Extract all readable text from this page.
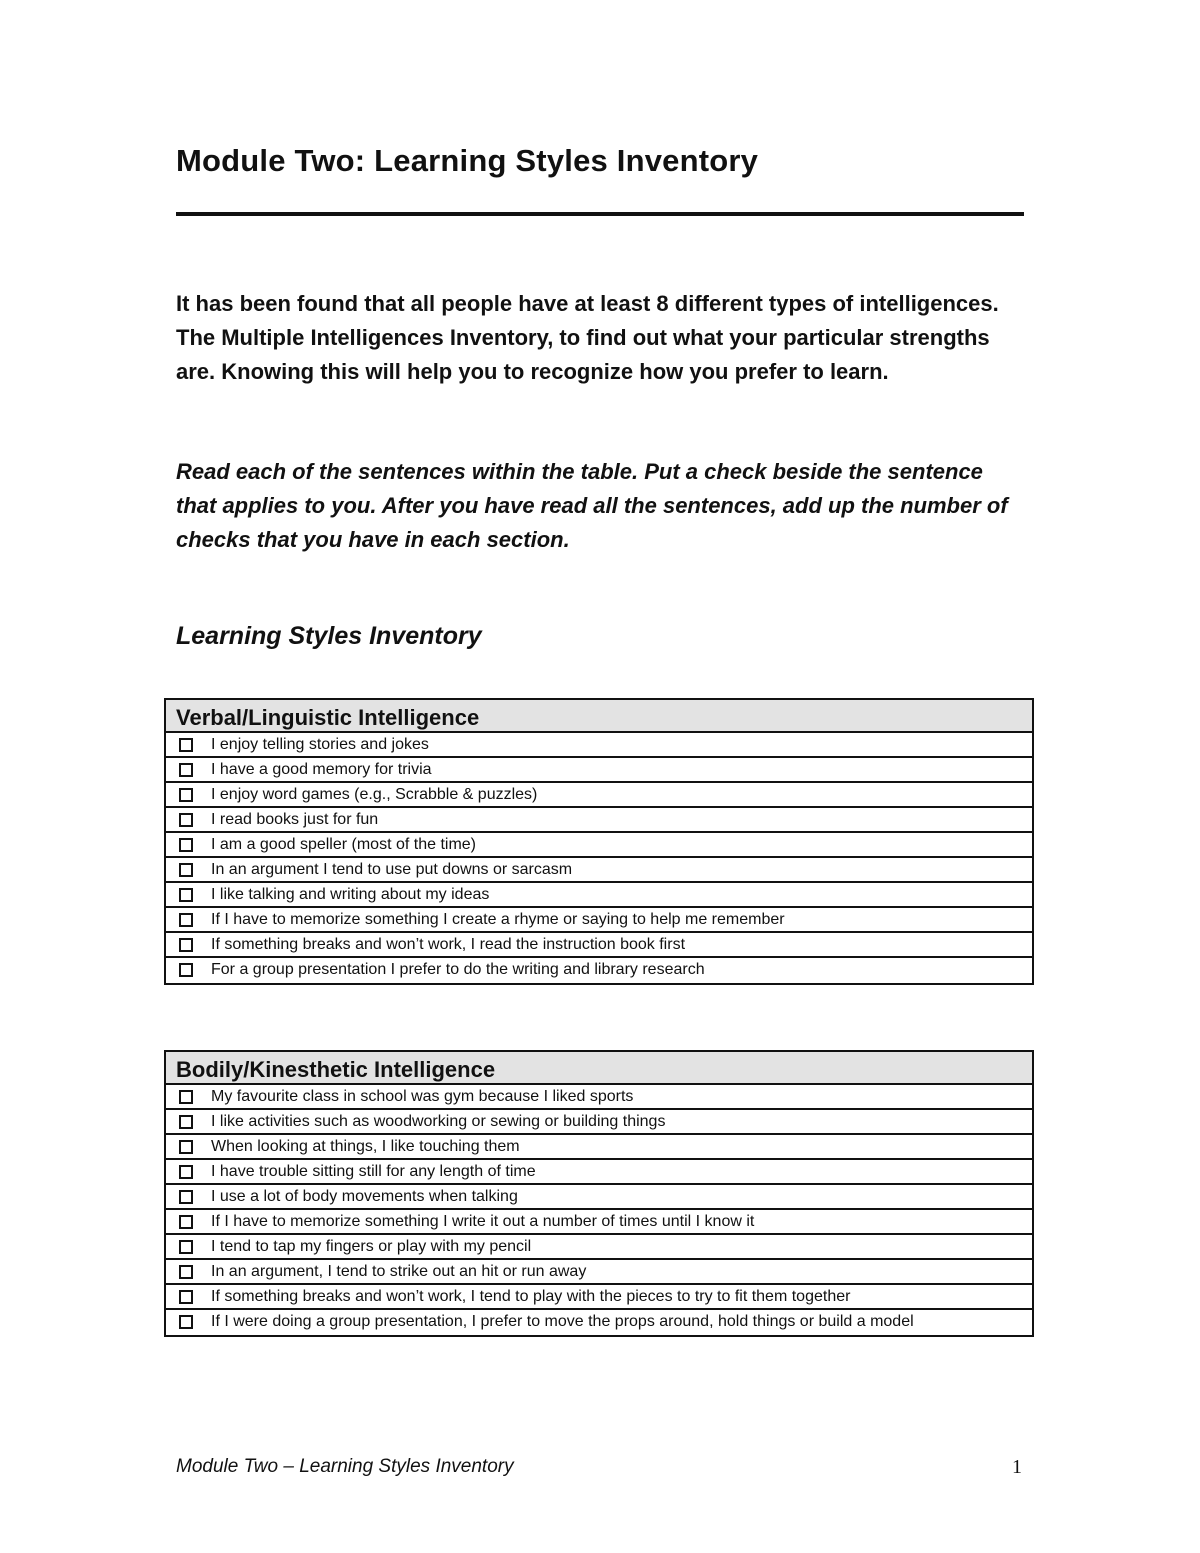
Module Two: Learning Styles Inventory

It has been found that all people have at least 8 different types of intelligences. The Multiple Intelligences Inventory, to find out what your particular strengths are. Knowing this will help you to recognize how you prefer to learn.

Read each of the sentences within the table. Put a check beside the sentence that applies to you. After you have read all the sentences, add up the number of checks that you have in each section.

Learning Styles Inventory
Verbal/Linguistic Intelligence
I enjoy telling stories and jokes
I have a good memory for trivia
I enjoy word games (e.g., Scrabble & puzzles)
I read books just for fun
I am a good speller (most of the time)
In an argument I tend to use put downs or sarcasm
I like talking and writing about my ideas
If I have to memorize something I create a rhyme or saying to help me remember
If something breaks and won’t work, I read the instruction book first
For a group presentation I prefer to do the writing and library research
Bodily/Kinesthetic Intelligence
My favourite class in school was gym because I liked sports
I like activities such as woodworking or sewing or building things
When looking at things, I like touching them
I have trouble sitting still for any length of time
I use a lot of body movements when talking
If I have to memorize something I write it out a number of times until I know it
I tend to tap my fingers or play with my pencil
In an argument, I tend to strike out an hit or run away
If something breaks and won’t work, I tend to play with the pieces to try to fit them together
If I were doing a group presentation, I prefer to move the props around, hold things or build a model

Module Two – Learning Styles Inventory	1
